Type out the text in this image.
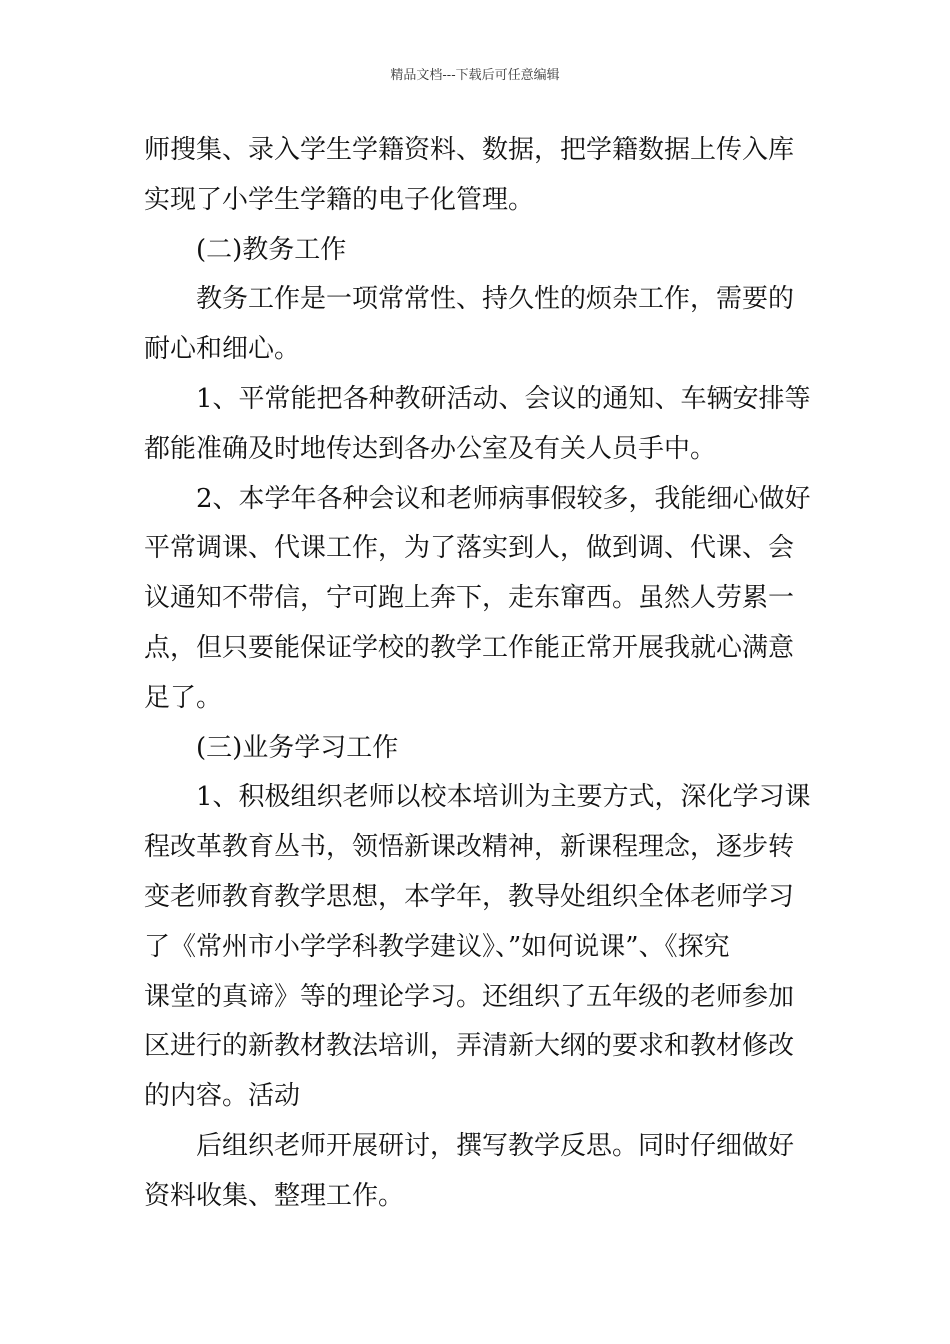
精品文档---下载后可任意编辑
师搜集、录入学生学籍资料、数据，把学籍数据上传入库
实现了小学生学籍的电子化管理。
(二)教务工作
教务工作是一项常常性、持久性的烦杂工作，需要的
耐心和细心。
1、平常能把各种教研活动、会议的通知、车辆安排等
都能准确及时地传达到各办公室及有关人员手中。
2、本学年各种会议和老师病事假较多，我能细心做好
平常调课、代课工作，为了落实到人，做到调、代课、会
议通知不带信，宁可跑上奔下，走东窜西。虽然人劳累一
点，但只要能保证学校的教学工作能正常开展我就心满意
足了。
(三)业务学习工作
1、积极组织老师以校本培训为主要方式，深化学习课
程改革教育丛书，领悟新课改精神，新课程理念，逐步转
变老师教育教学思想，本学年，教导处组织全体老师学习
了《常州市小学学科教学建议》、”如何说课”、《探究
课堂的真谛》等的理论学习。还组织了五年级的老师参加
区进行的新教材教法培训，弄清新大纲的要求和教材修改
的内容。活动
后组织老师开展研讨，撰写教学反思。同时仔细做好
资料收集、整理工作。
